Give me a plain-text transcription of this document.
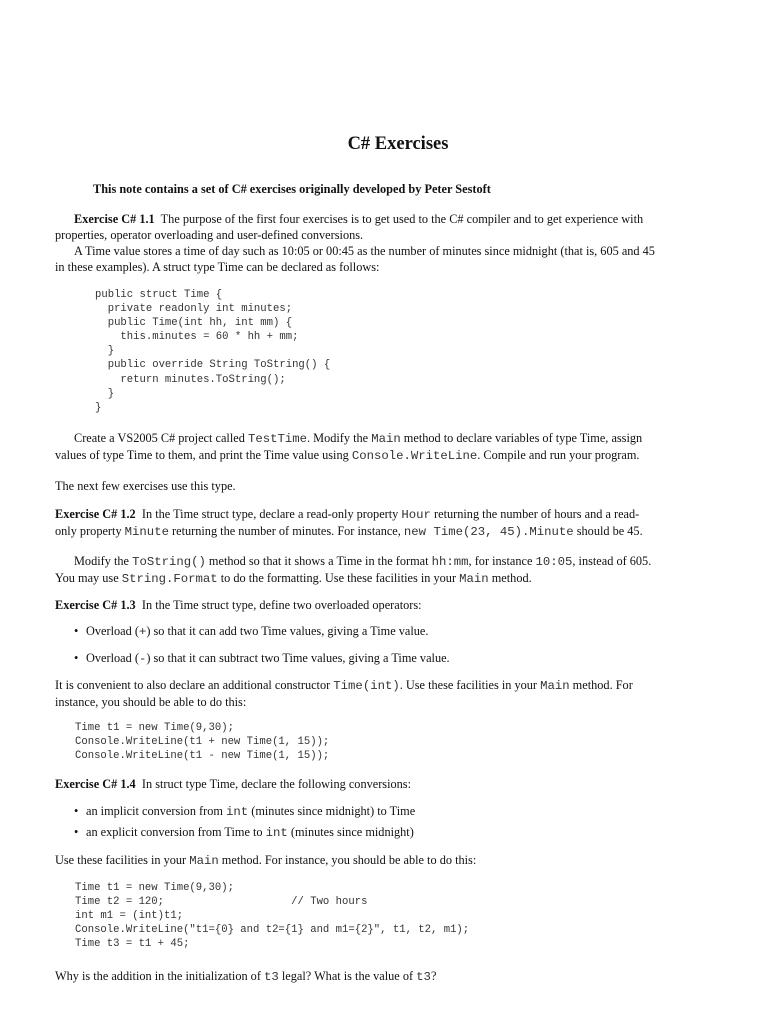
C# Exercises
This note contains a set of C# exercises originally developed by Peter Sestoft

Exercise C# 1.1 The purpose of the first four exercises is to get used to the C# compiler and to get experience with properties, operator overloading and user-defined conversions.

A Time value stores a time of day such as 10:05 or 00:45 as the number of minutes since midnight (that is, 605 and 45 in these examples). A struct type Time can be declared as follows:

public struct Time {
private readonly int minutes;
public Time(int hh, int mm) {
this.minutes = 60 * hh + mm;
}
public override String ToString() {
return minutes.ToString();
}
}

Create a VS2005 C# project called TestTime. Modify the Main method to declare variables of type Time, assign values of type Time to them, and print the Time value using Console.WriteLine. Compile and run your program.

The next few exercises use this type.

Exercise C# 1.2 In the Time struct type, declare a read-only property Hour returning the number of hours and a read-only property Minute returning the number of minutes. For instance, new Time(23, 45).Minute should be 45.

Modify the ToString() method so that it shows a Time in the format hh:mm, for instance 10:05, instead of 605. You may use String.Format to do the formatting. Use these facilities in your Main method.

Exercise C# 1.3 In the Time struct type, define two overloaded operators:

• Overload (+) so that it can add two Time values, giving a Time value.
• Overload (-) so that it can subtract two Time values, giving a Time value.

It is convenient to also declare an additional constructor Time(int). Use these facilities in your Main method. For instance, you should be able to do this:

Time t1 = new Time(9,30);
Console.WriteLine(t1 + new Time(1, 15));
Console.WriteLine(t1 - new Time(1, 15));

Exercise C# 1.4 In struct type Time, declare the following conversions:

• an implicit conversion from int (minutes since midnight) to Time
• an explicit conversion from Time to int (minutes since midnight)

Use these facilities in your Main method. For instance, you should be able to do this:

Time t1 = new Time(9,30);
Time t2 = 120;                    // Two hours
int m1 = (int)t1;
Console.WriteLine("t1={0} and t2={1} and m1={2}", t1, t2, m1);
Time t3 = t1 + 45;

Why is the addition in the initialization of t3 legal? What is the value of t3?
